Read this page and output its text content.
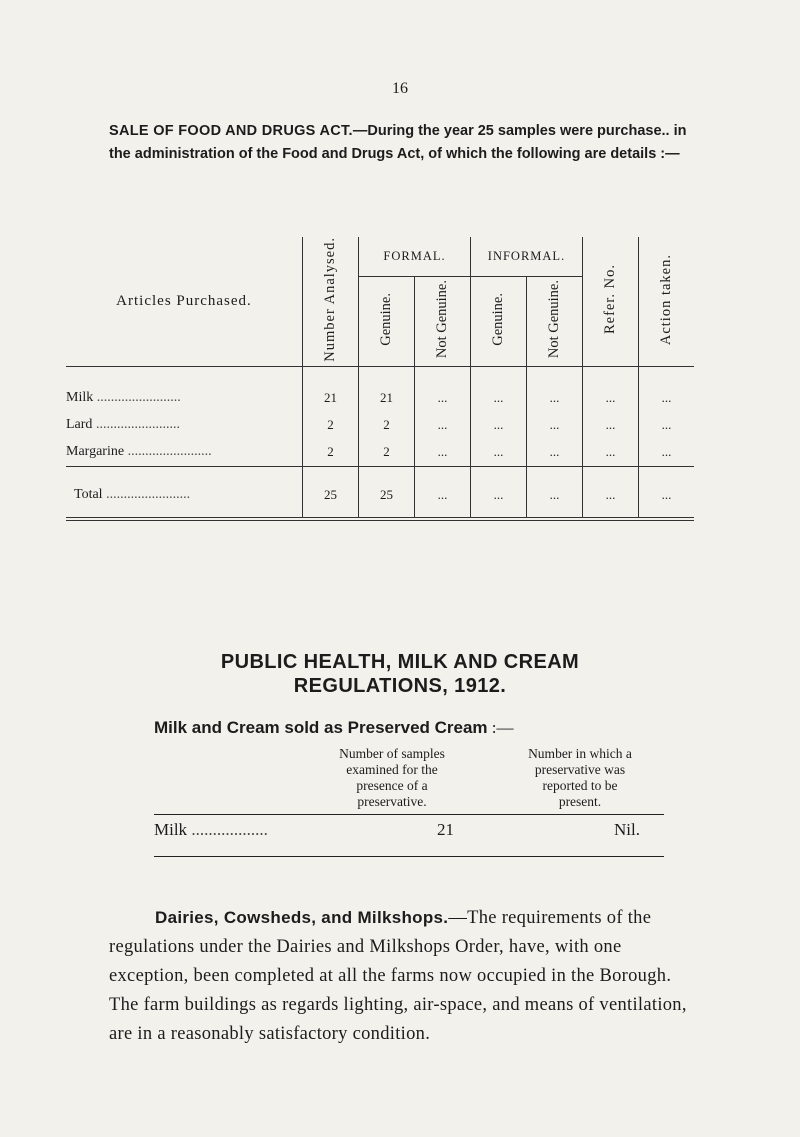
16
SALE OF FOOD AND DRUGS ACT.—During the year 25 samples were purchase.. in the administration of the Food and Drugs Act, of which the following are details :—
Articles Purchased.	Number Analysed.	FORMAL.		INFORMAL.		Refer. No.	Action taken.
		Genuine.	Not Genuine.	Genuine.	Not Genuine.		
Milk ........................	21	21	...	...	...	...	...
Lard ........................	2	2	...	...	...	...	...
Margarine ........................	2	2	...	...	...	...	...
Total ........................	25	25	...	...	...	...	...
PUBLIC HEALTH, MILK AND CREAM
REGULATIONS, 1912.
Milk and Cream sold as Preserved Cream :—
Number of samples
examined for the
presence of a
preservative.
Number in which a
preservative was
reported to be
present.
Milk ..................	21	Nil.
Dairies, Cowsheds, and Milkshops.—The requirements of the regulations under the Dairies and Milkshops Order, have, with one exception, been completed at all the farms now occupied in the Borough. The farm buildings as regards lighting, air-space, and means of ventilation, are in a reasonably satisfactory condition.
